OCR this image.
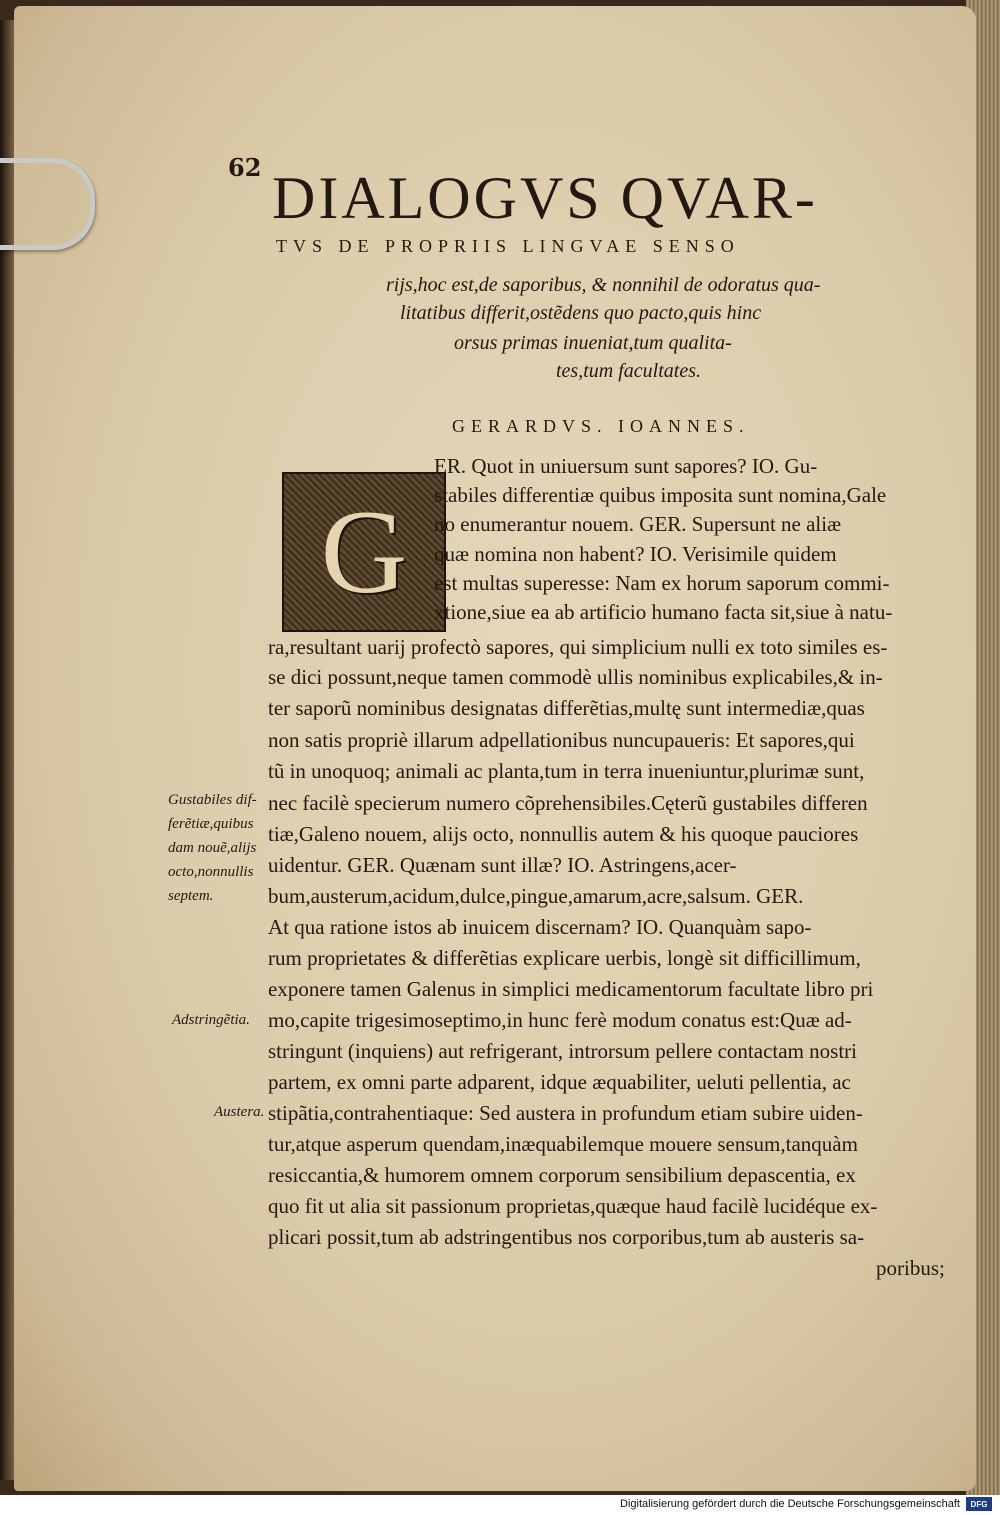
62 DIALOGVS QVAR-
TVS DE PROPRIIS LINGVAE SENSO
rijs,hoc est,de saporibus, & nonnihil de odoratus qua-
litatibus differit,ostẽdens quo pacto,quis hinc
orsus primas inueniat,tum qualita-
tes,tum facultates.
GERARDVS. IOANNES.
G
ER. Quot in uniuersum sunt sapores? IO. Gu-
stabiles differentiæ quibus imposita sunt nomina,Gale
no enumerantur nouem. GER. Supersunt ne aliæ
quæ nomina non habent? IO. Verisimile quidem
est multas superesse: Nam ex horum saporum commi-
xtione,siue ea ab artificio humano facta sit,siue à natu-
ra,resultant uarij profectò sapores, qui simplicium nulli ex toto similes es-
se dici possunt,neque tamen commodè ullis nominibus explicabiles,& in-
ter saporũ nominibus designatas differẽtias,multę sunt intermediæ,quas
non satis propriè illarum adpellationibus nuncupaueris: Et sapores,qui
tũ in unoquoq; animali ac planta,tum in terra inueniuntur,plurimæ sunt,
nec facilè specierum numero cõprehensibiles.Cęterũ gustabiles differen
tiæ,Galeno nouem, alijs octo, nonnullis autem & his quoque pauciores
uidentur. GER. Quænam sunt illæ? IO. Astringens,acer-
bum,austerum,acidum,dulce,pingue,amarum,acre,salsum. GER.
At qua ratione istos ab inuicem discernam? IO. Quanquàm sapo-
rum proprietates & differẽtias explicare uerbis, longè sit difficillimum,
exponere tamen Galenus in simplici medicamentorum facultate libro pri
mo,capite trigesimoseptimo,in hunc ferè modum conatus est:Quæ ad-
stringunt (inquiens) aut refrigerant, introrsum pellere contactam nostri
partem, ex omni parte adparent, idque æquabiliter, ueluti pellentia, ac
stipãtia,contrahentiaque: Sed austera in profundum etiam subire uiden-
tur,atque asperum quendam,inæquabilemque mouere sensum,tanquàm
resiccantia,& humorem omnem corporum sensibilium depascentia, ex
quo fit ut alia sit passionum proprietas,quæque haud facilè lucidéque ex-
plicari possit,tum ab adstringentibus nos corporibus,tum ab austeris sa-
poribus;
Gustabiles dif-
ferẽtiæ,quibus
dam nouẽ,alijs
octo,nonnullis
septem.
Adstringẽtia.
Austera.
Digitalisierung gefördert durch die Deutsche Forschungsgemeinschaft	DFG
